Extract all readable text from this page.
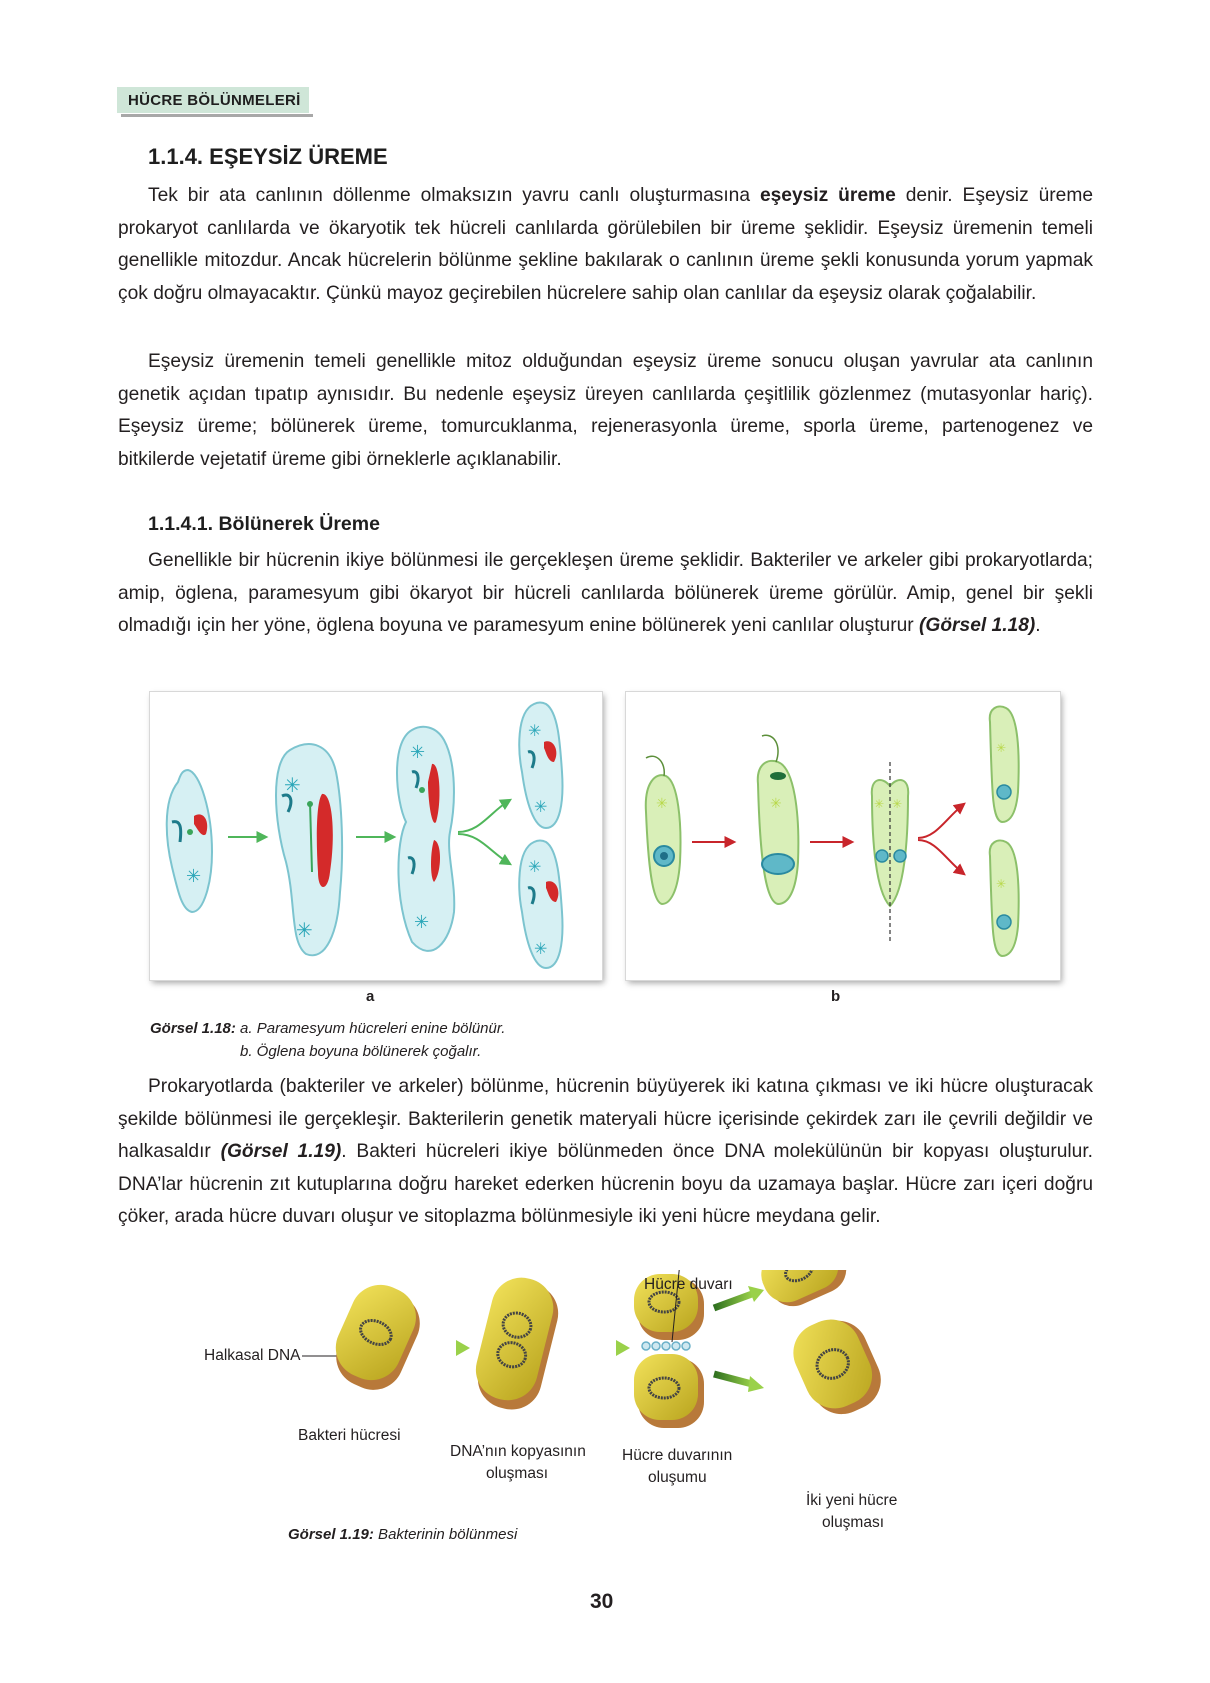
HÜCRE BÖLÜNMELERİ
1.1.4. EŞEYSİZ ÜREME

Tek bir ata canlının döllenme olmaksızın yavru canlı oluşturmasına eşeysiz üreme denir. Eşeysiz üreme prokaryot canlılarda ve ökaryotik tek hücreli canlılarda görülebilen bir üreme şeklidir. Eşeysiz üremenin temeli genellikle mitozdur. Ancak hücrelerin bölünme şekline bakılarak o canlının üreme şekli konusunda yorum yapmak çok doğru olmayacaktır. Çünkü mayoz geçirebilen hücrelere sahip olan canlılar da eşeysiz olarak çoğalabilir.

Eşeysiz üremenin temeli genellikle mitoz olduğundan eşeysiz üreme sonucu oluşan yavrular ata canlının genetik açıdan tıpatıp aynısıdır. Bu nedenle eşeysiz üreyen canlılarda çeşitlilik gözlenmez (mutasyonlar hariç). Eşeysiz üreme; bölünerek üreme, tomurcuklanma, rejenerasyonla üreme, sporla üreme, partenogenez ve bitkilerde vejetatif üreme gibi örneklerle açıklanabilir.

1.1.4.1. Bölünerek Üreme

Genellikle bir hücrenin ikiye bölünmesi ile gerçekleşen üreme şeklidir. Bakteriler ve arkeler gibi prokaryotlarda; amip, öglena, paramesyum gibi ökaryot bir hücreli canlılarda bölünerek üreme görülür. Amip, genel bir şekli olmadığı için her yöne, öglena boyuna ve paramesyum enine bölünerek yeni canlılar oluşturur (Görsel 1.18).

✳
✳
✳
✳
✳
✳
✳
✳
✳
✳	✳	✳ ✳
✳
✳
a	b
Görsel 1.18: a. Paramesyum hücreleri enine bölünür.
b. Öglena boyuna bölünerek çoğalır.

Prokaryotlarda (bakteriler ve arkeler) bölünme, hücrenin büyüyerek iki katına çıkması ve iki hücre oluşturacak şekilde bölünmesi ile gerçekleşir. Bakterilerin genetik materyali hücre içerisinde çekirdek zarı ile çevrili değildir ve halkasaldır (Görsel 1.19). Bakteri hücreleri ikiye bölünmeden önce DNA molekülünün bir kopyası oluşturulur. DNA’lar hücrenin zıt kutuplarına doğru hareket ederken hücrenin boyu da uzamaya başlar. Hücre zarı içeri doğru çöker, arada hücre duvarı oluşur ve sitoplazma bölünmesiyle iki yeni hücre meydana gelir.

Halkasal DNA
Bakteri hücresi
DNA’nın kopyasının
oluşması
Hücre duvarı
Hücre duvarının
oluşumu
İki yeni hücre
oluşması
Görsel 1.19: Bakterinin bölünmesi
30
